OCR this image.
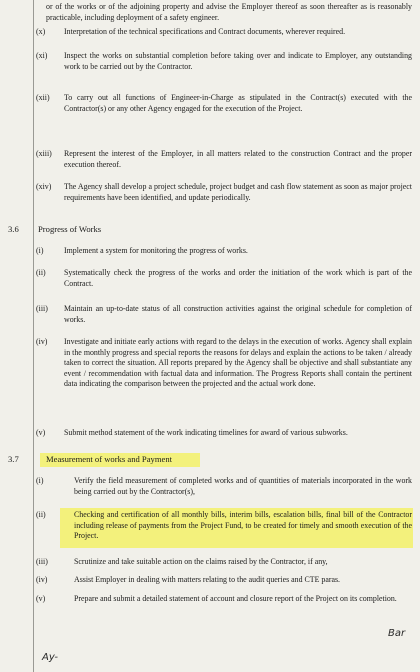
or of the works or of the adjoining property and advise the Employer thereof as soon thereafter as is reasonably practicable, including deployment of a safety engineer.
(x)	Interpretation of the technical specifications and Contract documents, wherever required.
(xi)	Inspect the works on substantial completion before taking over and indicate to Employer, any outstanding work to be carried out by the Contractor.
(xii)	To carry out all functions of Engineer-in-Charge as stipulated in the Contract(s) executed with the Contractor(s) or any other Agency engaged for the execution of the Project.
(xiii)	Represent the interest of the Employer, in all matters related to the construction Contract and the proper execution thereof.
(xiv)	The Agency shall develop a project schedule, project budget and cash flow statement as soon as major project requirements have been identified, and update periodically.
3.6 Progress of Works
(i)	Implement a system for monitoring the progress of works.
(ii)	Systematically check the progress of the works and order the initiation of the work which is part of the Contract.
(iii)	Maintain an up-to-date status of all construction activities against the original schedule for completion of works.
(iv)	Investigate and initiate early actions with regard to the delays in the execution of works. Agency shall explain in the monthly progress and special reports the reasons for delays and explain the actions to be taken / already taken to correct the situation. All reports prepared by the Agency shall be objective and shall substantiate any event / recommendation with factual data and information. The Progress Reports shall contain the pertinent data indicating the comparison between the projected and the actual work done.
(v)	Submit method statement of the work indicating timelines for award of various subworks.
3.7	Measurement of works and Payment
(i)	Verify the field measurement of completed works and of quantities of materials incorporated in the work being carried out by the Contractor(s),
(ii)	Checking and certification of all monthly bills, interim bills, escalation bills, final bill of the Contractor including release of payments from the Project Fund, to be created for timely and smooth execution of the Project.
(iii)	Scrutinize and take suitable action on the claims raised by the Contractor, if any,
(iv)	Assist Employer in dealing with matters relating to the audit queries and CTE paras.
(v)	Prepare and submit a detailed statement of account and closure report of the Project on its completion.
Ay-
Bar
